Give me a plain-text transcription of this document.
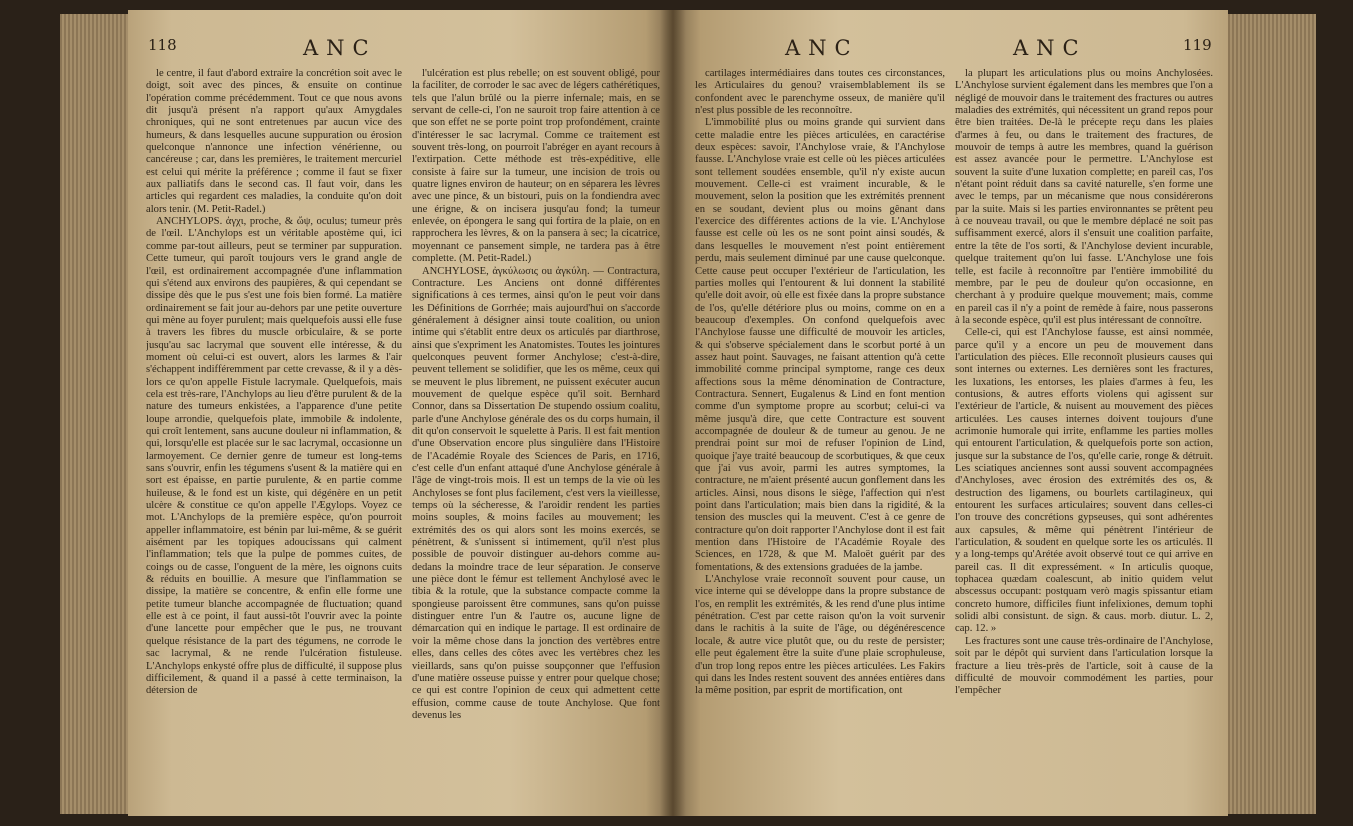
118	ANC

le centre, il faut d'abord extraire la concrétion soit avec le doigt, soit avec des pinces, & ensuite on continue l'opération comme précédemment. Tout ce que nous avons dit jusqu'à présent n'a rapport qu'aux Amygdales chroniques, qui ne sont entretenues par aucun vice des humeurs, & dans lesquelles aucune suppuration ou érosion quelconque n'annonce une infection vénérienne, ou cancéreuse ; car, dans les premières, le traitement mercuriel est celui qui mérite la préférence ; comme il faut se fixer aux palliatifs dans le second cas. Il faut voir, dans les articles qui regardent ces maladies, la conduite qu'on doit alors tenir. (M. Petit-Radel.)

ANCHYLOPS. ἀγχι, proche, & ὤψ, oculus; tumeur près de l'œil. L'Anchylops est un véritable apostème qui, ici comme par-tout ailleurs, peut se terminer par suppuration. Cette tumeur, qui paroît toujours vers le grand angle de l'œil, est ordinairement accompagnée d'une inflammation qui s'étend aux environs des paupières, & qui cependant se dissipe dès que le pus s'est une fois bien formé. La matière ordinairement se fait jour au-dehors par une petite ouverture qui mène au foyer purulent; mais quelquefois aussi elle fuse à travers les fibres du muscle orbiculaire, & se porte jusqu'au sac lacrymal que souvent elle intéresse, & du moment où celui-ci est ouvert, alors les larmes & l'air s'échappent indifféremment par cette crevasse, & il y a dès-lors ce qu'on appelle Fistule lacrymale. Quelquefois, mais cela est très-rare, l'Anchylops au lieu d'être purulent & de la nature des tumeurs enkistées, a l'apparence d'une petite loupe arrondie, quelquefois plate, immobile & indolente, qui croît lentement, sans aucune douleur ni inflammation, & qui, lorsqu'elle est placée sur le sac lacrymal, occasionne un larmoyement. Ce dernier genre de tumeur est long-tems sans s'ouvrir, enfin les tégumens s'usent & la matière qui en sort est épaisse, en partie purulente, & en partie comme huileuse, & le fond est un kiste, qui dégénère en un petit ulcère & constitue ce qu'on appelle l'Ægylops. Voyez ce mot. L'Anchylops de la première espèce, qu'on pourroit appeller inflammatoire, est bénin par lui-même, & se guérit aisément par les topiques adoucissans qui calment l'inflammation; tels que la pulpe de pommes cuites, de coings ou de casse, l'onguent de la mère, les oignons cuits & réduits en bouillie. A mesure que l'inflammation se dissipe, la matière se concentre, & enfin elle forme une petite tumeur blanche accompagnée de fluctuation; quand elle est à ce point, il faut aussi-tôt l'ouvrir avec la pointe d'une lancette pour empêcher que le pus, ne trouvant quelque résistance de la part des tégumens, ne corrode le sac lacrymal, & ne rende l'ulcération fistuleuse. L'Anchylops enkysté offre plus de difficulté, il suppose plus difficilement, & quand il a passé à cette terminaison, la détersion de

l'ulcération est plus rebelle; on est souvent obligé, pour la faciliter, de corroder le sac avec de légers cathérétiques, tels que l'alun brûlé ou la pierre infernale; mais, en se servant de celle-ci, l'on ne sauroit trop faire attention à ce que son effet ne se porte point trop profondément, crainte d'intéresser le sac lacrymal. Comme ce traitement est souvent très-long, on pourroit l'abréger en ayant recours à l'extirpation. Cette méthode est très-expéditive, elle consiste à faire sur la tumeur, une incision de trois ou quatre lignes environ de hauteur; on en séparera les lèvres avec une pince, & un bistouri, puis on la fondiendra avec une érigne, & on incisera jusqu'au fond; la tumeur enlevée, on épongera le sang qui fortira de la plaie, on en rapprochera les lèvres, & on la pansera à sec; la cicatrice, moyennant ce pansement simple, ne tardera pas à être complette. (M. Petit-Radel.)

ANCHYLOSE, ἀγκύλωσις ou ἀγκύλη. — Contractura, Contracture. Les Anciens ont donné différentes significations à ces termes, ainsi qu'on le peut voir dans les Définitions de Gorrhée; mais aujourd'hui on s'accorde généralement à désigner ainsi toute coalition, ou union intime qui s'établit entre deux os articulés par diarthrose, ainsi que s'expriment les Anatomistes. Toutes les jointures quelconques peuvent former Anchylose; c'est-à-dire, peuvent tellement se solidifier, que les os même, ceux qui se meuvent le plus librement, ne puissent exécuter aucun mouvement de quelque espèce qu'il soit. Bernhard Connor, dans sa Dissertation De stupendo ossium coalitu, parle d'une Anchylose générale des os du corps humain, il dit qu'on conservoit le squelette à Paris. Il est fait mention d'une Observation encore plus singulière dans l'Histoire de l'Académie Royale des Sciences de Paris, en 1716, c'est celle d'un enfant attaqué d'une Anchylose générale à l'âge de vingt-trois mois. Il est un temps de la vie où les Anchyloses se font plus facilement, c'est vers la vieillesse, temps où la sécheresse, & l'aroidir rendent les parties moins souples, & moins faciles au mouvement; les extrémités des os qui alors sont les moins exercés, se pénètrent, & s'unissent si intimement, qu'il n'est plus possible de pouvoir distinguer au-dehors comme au-dedans la moindre trace de leur séparation. Je conserve une pièce dont le fémur est tellement Anchylosé avec le tibia & la rotule, que la substance compacte comme la spongieuse paroissent être communes, sans qu'on puisse distinguer entre l'un & l'autre os, aucune ligne de démarcation qui en indique le partage. Il est ordinaire de voir la même chose dans la jonction des vertèbres entre elles, dans celles des côtes avec les vertèbres chez les vieillards, sans qu'on puisse soupçonner que l'effusion d'une matière osseuse puisse y entrer pour quelque chose; ce qui est contre l'opinion de ceux qui admettent cette effusion, comme cause de toute Anchylose. Que font devenus les

ANC	ANC	119

cartilages intermédiaires dans toutes ces circonstances, les Articulaires du genou? vraisemblablement ils se confondent avec le parenchyme osseux, de manière qu'il n'est plus possible de les reconnoître.

L'immobilité plus ou moins grande qui survient dans cette maladie entre les pièces articulées, en caractérise deux espèces: savoir, l'Anchylose vraie, & l'Anchylose fausse. L'Anchylose vraie est celle où les pièces articulées sont tellement soudées ensemble, qu'il n'y existe aucun mouvement. Celle-ci est vraiment incurable, & le mouvement, selon la position que les extrémités prennent en se soudant, devient plus ou moins gênant dans l'exercice des différentes actions de la vie. L'Anchylose fausse est celle où les os ne sont point ainsi soudés, & dans lesquelles le mouvement n'est point entièrement perdu, mais seulement diminué par une cause quelconque. Cette cause peut occuper l'extérieur de l'articulation, les parties molles qui l'entourent & lui donnent la stabilité qu'elle doit avoir, où elle est fixée dans la propre substance de l'os, qu'elle détériore plus ou moins, comme on en a beaucoup d'exemples. On confond quelquefois avec l'Anchylose fausse une difficulté de mouvoir les articles, & qui s'observe spécialement dans le scorbut porté à un assez haut point. Sauvages, ne faisant attention qu'à cette immobilité comme principal symptome, range ces deux affections sous la même dénomination de Contracture, Contractura. Sennert, Eugalenus & Lind en font mention comme d'un symptome propre au scorbut; celui-ci va même jusqu'à dire, que cette Contracture est souvent accompagnée de douleur & de tumeur au genou. Je ne prendrai point sur moi de refuser l'opinion de Lind, quoique j'aye traité beaucoup de scorbutiques, & que ceux que j'ai vus avoir, parmi les autres symptomes, la contracture, ne m'aient présenté aucun gonflement dans les articles. Ainsi, nous disons le siège, l'affection qui n'est point dans l'articulation; mais bien dans la rigidité, & la tension des muscles qui la meuvent. C'est à ce genre de contracture qu'on doit rapporter l'Anchylose dont il est fait mention dans l'Histoire de l'Académie Royale des Sciences, en 1728, & que M. Maloët guérit par des fomentations, & des extensions graduées de la jambe.

L'Anchylose vraie reconnoît souvent pour cause, un vice interne qui se développe dans la propre substance de l'os, en remplit les extrémités, & les rend d'une plus intime pénétration. C'est par cette raison qu'on la voit survenir dans le rachitis à la suite de l'âge, ou dégénérescence locale, & autre vice plutôt que, ou du reste de persister; elle peut également être la suite d'une plaie scrophuleuse, d'un trop long repos entre les pièces articulées. Les Fakirs qui dans les Indes restent souvent des années entières dans la même position, par esprit de mortification, ont

la plupart les articulations plus ou moins Anchylosées. L'Anchylose survient également dans les membres que l'on a négligé de mouvoir dans le traitement des fractures ou autres maladies des extrémités, qui nécessitent un grand repos pour être bien traitées. De-là le précepte reçu dans les plaies d'armes à feu, ou dans le traitement des fractures, de mouvoir de temps à autre les membres, quand la guérison est assez avancée pour le permettre. L'Anchylose est souvent la suite d'une luxation complette; en pareil cas, l'os n'étant point réduit dans sa cavité naturelle, s'en forme une avec le temps, par un mécanisme que nous considérerons par la suite. Mais si les parties environnantes se prêtent peu à ce nouveau travail, ou que le membre déplacé ne soit pas suffisamment exercé, alors il s'ensuit une coalition parfaite, entre la tête de l'os sorti, & l'Anchylose devient incurable, quelque traitement qu'on lui fasse. L'Anchylose une fois telle, est facile à reconnoître par l'entière immobilité du membre, par le peu de douleur qu'on occasionne, en cherchant à y produire quelque mouvement; mais, comme en pareil cas il n'y a point de remède à faire, nous passerons à la seconde espèce, qu'il est plus intéressant de connoître.

Celle-ci, qui est l'Anchylose fausse, est ainsi nommée, parce qu'il y a encore un peu de mouvement dans l'articulation des pièces. Elle reconnoît plusieurs causes qui sont internes ou externes. Les dernières sont les fractures, les luxations, les entorses, les plaies d'armes à feu, les contusions, & autres efforts violens qui agissent sur l'extérieur de l'article, & nuisent au mouvement des pièces articulées. Les causes internes doivent toujours d'une acrimonie humorale qui irrite, enflamme les parties molles qui entourent l'articulation, & quelquefois porte son action, jusque sur la substance de l'os, qu'elle carie, ronge & détruit. Les sciatiques anciennes sont aussi souvent accompagnées d'Anchyloses, avec érosion des extrémités des os, & destruction des ligamens, ou bourlets cartilagineux, qui entourent les surfaces articulaires; souvent dans celles-ci l'on trouve des concrétions gypseuses, qui sont adhérentes aux capsules, & même qui pénètrent l'intérieur de l'articulation, & soudent en quelque sorte les os articulés. Il y a long-temps qu'Arétée avoit observé tout ce qui arrive en pareil cas. Il dit expressément. « In articulis quoque, tophacea quædam coalescunt, ab initio quidem velut abscessus occupant: postquam verò magis spissantur etiam concreto humore, difficiles fiunt infelixiones, demum tophi solidi albi consistunt. de sign. & caus. morb. diutur. L. 2, cap. 12. »

Les fractures sont une cause très-ordinaire de l'Anchylose, soit par le dépôt qui survient dans l'articulation lorsque la fracture a lieu très-près de l'article, soit à cause de la difficulté de mouvoir commodément les parties, pour l'empêcher
